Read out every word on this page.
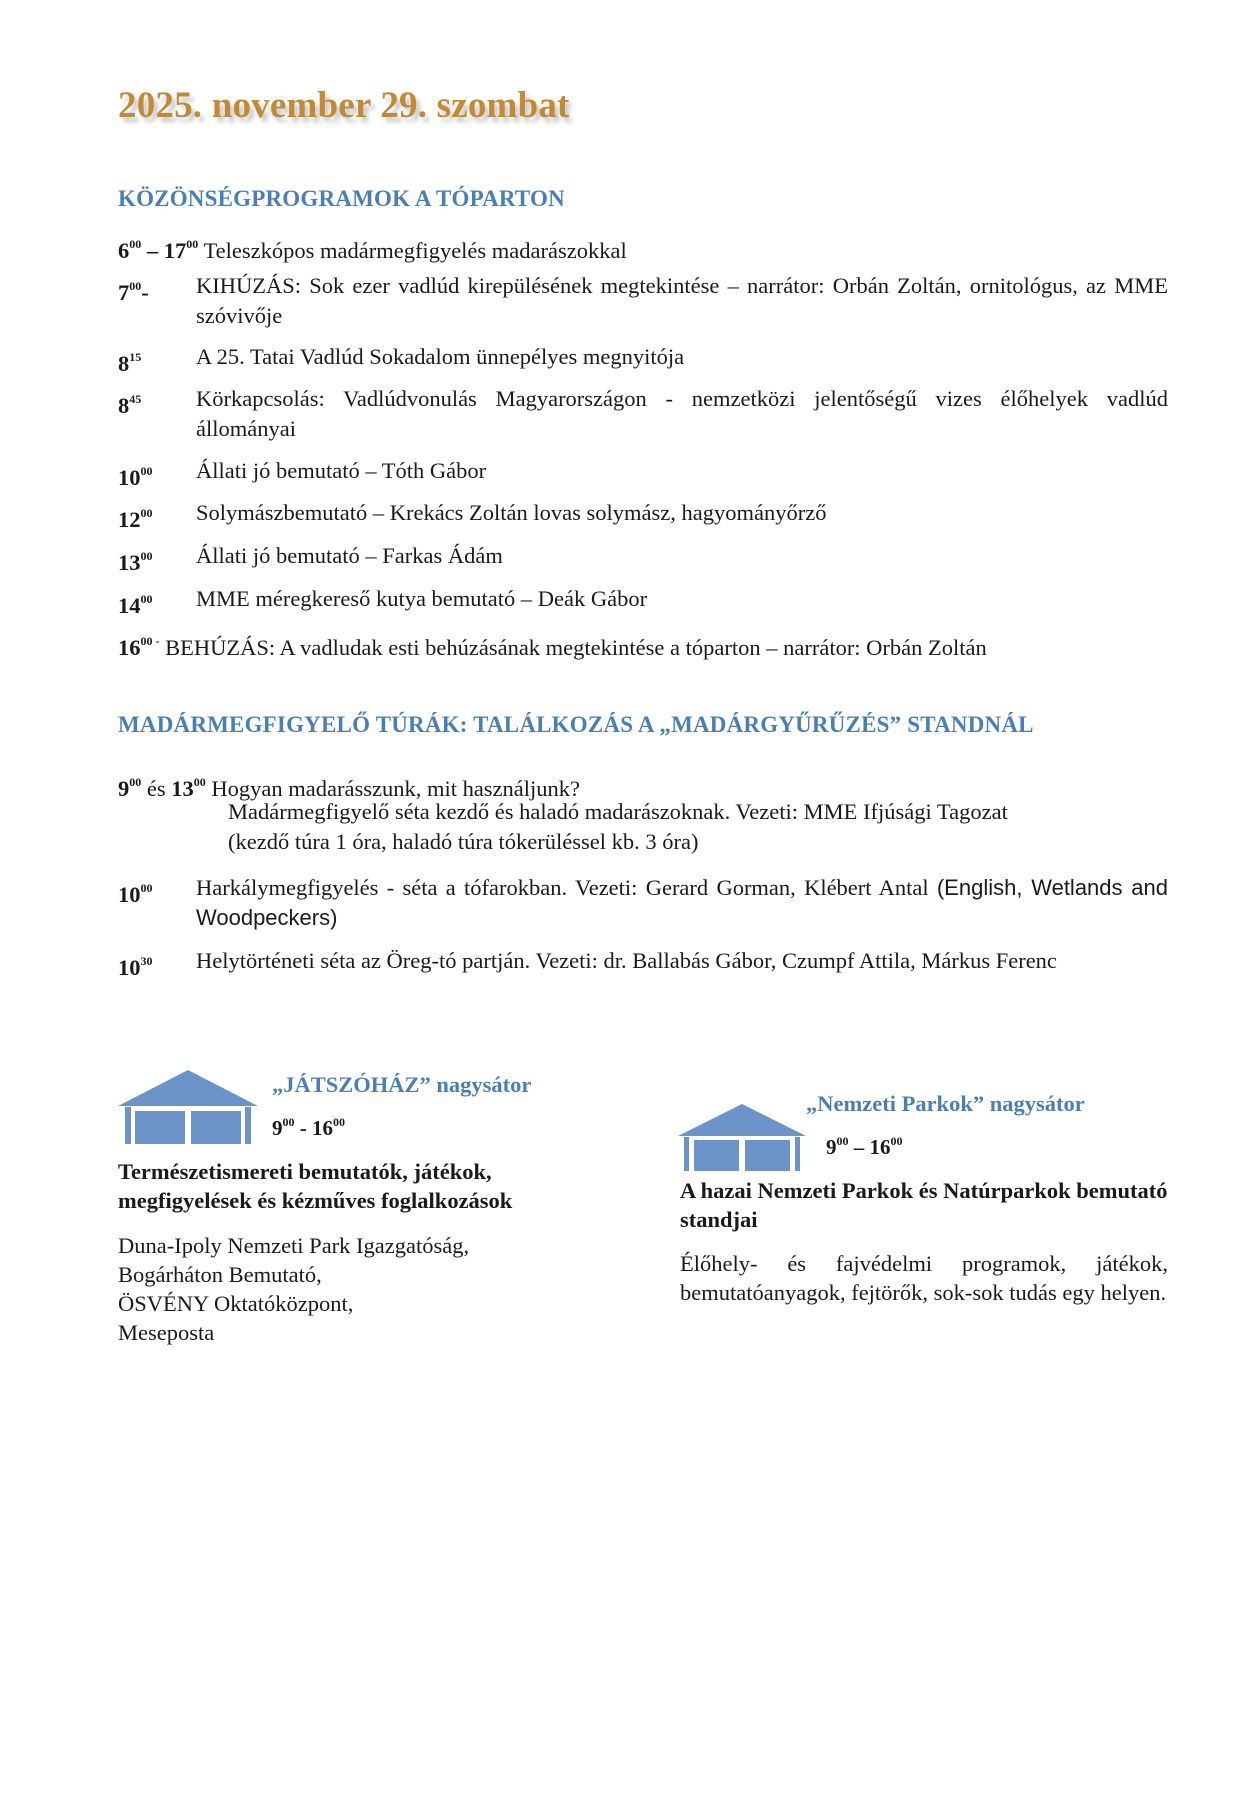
2025. november 29. szombat
KÖZÖNSÉGPROGRAMOK A TÓPARTON
$6^{00} - 17^{00}$ Teleszkópos madármegfigyelés madarászokkal
$7^{00}-$ KIHÚZÁS: Sok ezer vadlúd kirepülésének megtekintése – narrátor: Orbán Zoltán, ornitológus, az MME szóvivője
$8^{15}$ A 25. Tatai Vadlúd Sokadalom ünnepélyes megnyitója
$8^{45}$ Körkapcsolás: Vadlúdvonulás Magyarországon - nemzetközi jelentőségű vizes élőhelyek vadlúd állományai
$10^{00}$ Állati jó bemutató – Tóth Gábor
$12^{00}$ Solymászbemutató – Krekács Zoltán lovas solymász, hagyományőrző
$13^{00}$ Állati jó bemutató – Farkas Ádám
$14^{00}$ MME méregkereső kutya bemutató – Deák Gábor
$16^{00 -}$ BEHÚZÁS: A vadludak esti behúzásának megtekintése a tóparton – narrátor: Orbán Zoltán
MADÁRMEGFIGYELŐ TÚRÁK: TALÁLKOZÁS A „MADÁRGYŰRŰZÉS” STANDNÁL
$9^{00}$ és $13^{00}$ Hogyan madarásszunk, mit használjunk?
Madármegfigyelő séta kezdő és haladó madarászoknak. Vezeti: MME Ifjúsági Tagozat
(kezdő túra 1 óra, haladó túra tókerüléssel kb. 3 óra)
$10^{00}$ Harkálymegfigyelés - séta a tófarokban. Vezeti: Gerard Gorman, Klébert Antal (English, Wetlands and Woodpeckers)
$10^{30}$ Helytörténeti séta az Öreg-tó partján. Vezeti: dr. Ballabás Gábor, Czumpf Attila, Márkus Ferenc
„JÁTSZÓHÁZ” nagysátor
$9^{00} - 16^{00}$
Természetismereti bemutatók, játékok, megfigyelések és kézműves foglalkozások
Duna-Ipoly Nemzeti Park Igazgatóság,
Bogárháton Bemutató,
ÖSVÉNY Oktatóközpont,
Meseposta
„Nemzeti Parkok” nagysátor
$9^{00} - 16^{00}$
A hazai Nemzeti Parkok és Natúrparkok bemutató standjai
Élőhely- és fajvédelmi programok, játékok, bemutatóanyagok, fejtörők, sok-sok tudás egy helyen.
